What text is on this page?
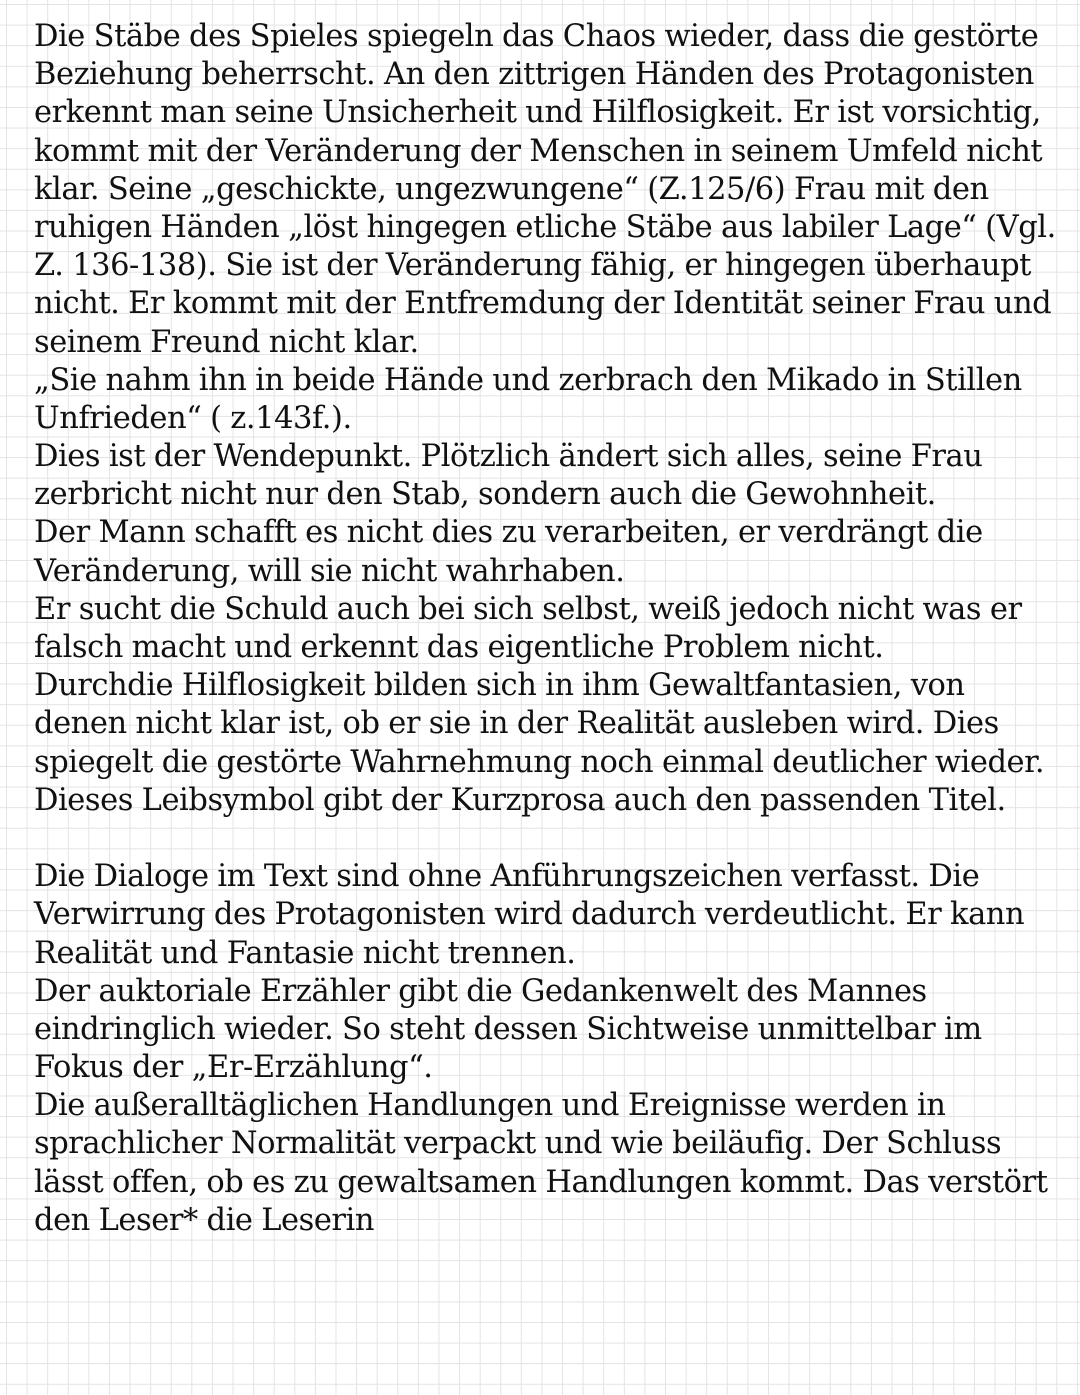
Die Stäbe des Spieles spiegeln das Chaos wieder, dass die gestörte
Beziehung beherrscht. An den zittrigen Händen des Protagonisten
erkennt man seine Unsicherheit und Hilflosigkeit. Er ist vorsichtig,
kommt mit der Veränderung der Menschen in seinem Umfeld nicht
klar. Seine „geschickte, ungezwungene“ (Z.125/6) Frau mit den
ruhigen Händen „löst hingegen etliche Stäbe aus labiler Lage“ (Vgl.
Z. 136-138). Sie ist der Veränderung fähig, er hingegen überhaupt
nicht. Er kommt mit der Entfremdung der Identität seiner Frau und
seinem Freund nicht klar.
„Sie nahm ihn in beide Hände und zerbrach den Mikado in Stillen
Unfrieden“ ( z.143f.).
Dies ist der Wendepunkt. Plötzlich ändert sich alles, seine Frau
zerbricht nicht nur den Stab, sondern auch die Gewohnheit.
Der Mann schafft es nicht dies zu verarbeiten, er verdrängt die
Veränderung, will sie nicht wahrhaben.
Er sucht die Schuld auch bei sich selbst, weiß jedoch nicht was er
falsch macht und erkennt das eigentliche Problem nicht.
Durchdie Hilflosigkeit bilden sich in ihm Gewaltfantasien, von
denen nicht klar ist, ob er sie in der Realität ausleben wird. Dies
spiegelt die gestörte Wahrnehmung noch einmal deutlicher wieder.
Dieses Leibsymbol gibt der Kurzprosa auch den passenden Titel.
Die Dialoge im Text sind ohne Anführungszeichen verfasst. Die
Verwirrung des Protagonisten wird dadurch verdeutlicht. Er kann
Realität und Fantasie nicht trennen.
Der auktoriale Erzähler gibt die Gedankenwelt des Mannes
eindringlich wieder. So steht dessen Sichtweise unmittelbar im
Fokus der „Er-Erzählung“.
Die außeralltäglichen Handlungen und Ereignisse werden in
sprachlicher Normalität verpackt und wie beiläufig. Der Schluss
lässt offen, ob es zu gewaltsamen Handlungen kommt. Das verstört
den Leser* die Leserin
